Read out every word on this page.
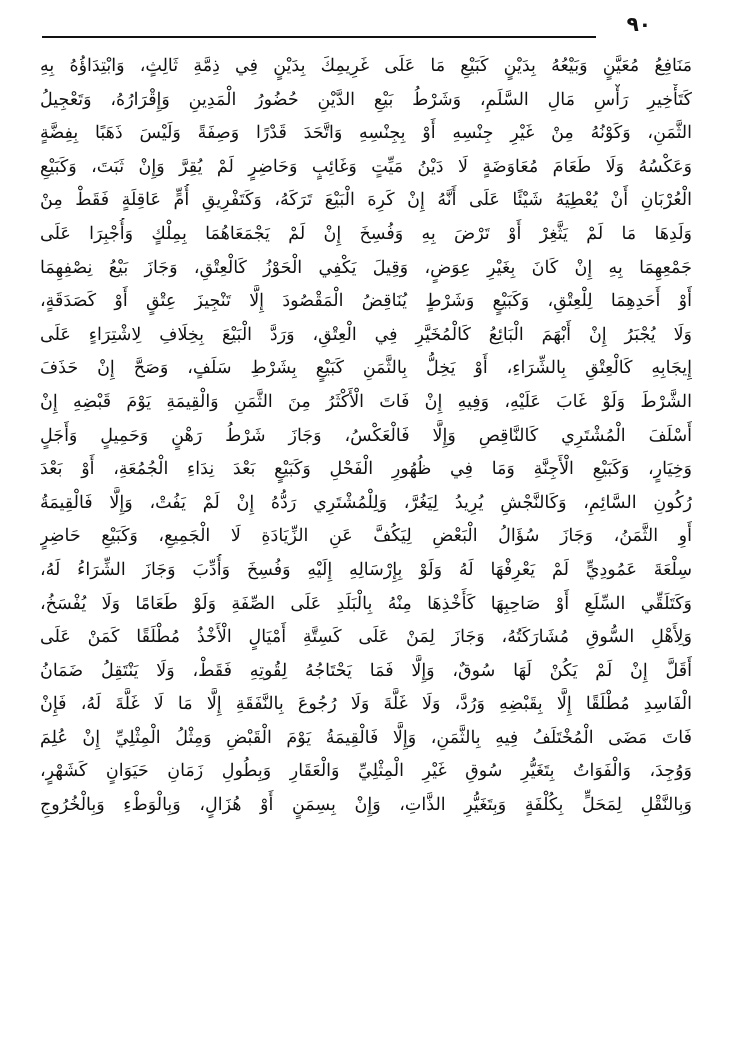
٩٠
مَنَافِعُ مُعَيَّنٍ وَبَيْعُهُ بِدَيْنٍ كَبَيْعِ مَا عَلَى غَرِيمِكَ بِدَيْنٍ فِي ذِمَّةِ ثَالِثٍ، وَابْتِدَاؤُهُ بِهِ
كَتَأْخِيرِ رَأْسِ مَالِ السَّلَمِ، وَشَرْطُ بَيْعِ الدَّيْنِ حُضُورُ الْمَدِينِ وَإِقْرَارُهُ، وَتَعْجِيلُ
الثَّمَنِ، وَكَوْنُهُ مِنْ غَيْرِ جِنْسِهِ أَوْ بِجِنْسِهِ وَاتَّحَدَ قَدْرًا وَصِفَةً وَلَيْسَ ذَهَبًا بِفِضَّةٍ
وَعَكْسُهُ وَلَا طَعَامَ مُعَاوَضَةٍ لَا دَيْنُ مَيِّتٍ وَغَائِبٍ وَحَاضِرٍ لَمْ يُقِرَّ وَإِنْ ثَبَتَ، وَكَبَيْعِ
الْعُرْبَانِ أَنْ يُعْطِيَهُ شَيْئًا عَلَى أَنَّهُ إِنْ كَرِهَ الْبَيْعَ تَرَكَهُ، وَكَتَفْرِيقِ أُمٍّ عَاقِلَةٍ فَقَطْ مِنْ
وَلَدِهَا مَا لَمْ يَثَّغِرْ أَوْ تَرْضَ بِهِ وَفُسِخَ إِنْ لَمْ يَجْمَعَاهُمَا بِمِلْكٍ وَأُجْبِرَا عَلَى
جَمْعِهِمَا بِهِ إِنْ كَانَ بِغَيْرِ عِوَضٍ، وَقِيلَ يَكْفِي الْحَوْزُ كَالْعِتْقِ، وَجَازَ بَيْعُ نِصْفِهِمَا
أَوْ أَحَدِهِمَا لِلْعِتْقِ، وَكَبَيْعٍ وَشَرْطٍ يُنَاقِضُ الْمَقْصُودَ إِلَّا تَنْجِيزَ عِتْقٍ أَوْ كَصَدَقَةٍ،
وَلَا يُجْبَرُ إِنْ أَبْهَمَ الْبَائِعُ كَالْمُخَيَّرِ فِي الْعِتْقِ، وَرَدَّ الْبَيْعَ بِخِلَافِ لِاشْتِرَاءٍ عَلَى
إِيجَابِهِ كَالْعِتْقِ بِالشِّرَاءِ، أَوْ يَخِلُّ بِالثَّمَنِ كَبَيْعٍ بِشَرْطِ سَلَفٍ، وَصَحَّ إِنْ حَذَفَ
الشَّرْطَ وَلَوْ غَابَ عَلَيْهِ، وَفِيهِ إِنْ فَاتَ الْأَكْثَرُ مِنَ الثَّمَنِ وَالْقِيمَةِ يَوْمَ قَبْضِهِ إِنْ
أَسْلَفَ الْمُشْتَرِي كَالنَّاقِصِ وَإِلَّا فَالْعَكْسُ، وَجَازَ شَرْطُ رَهْنٍ وَحَمِيلٍ وَأَجَلٍ
وَخِيَارٍ، وَكَبَيْعِ الْأَجِنَّةِ وَمَا فِي ظُهُورِ الْفَحْلِ وَكَبَيْعٍ بَعْدَ نِدَاءِ الْجُمُعَةِ، أَوْ بَعْدَ
رُكُونِ السَّائِمِ، وَكَالنَّجْشِ يُرِيدُ لِيَغُرَّ، وَلِلْمُشْتَرِي رَدُّهُ إِنْ لَمْ يَفُتْ، وَإِلَّا فَالْقِيمَةُ
أَوِ الثَّمَنُ، وَجَازَ سُؤَالُ الْبَعْضِ لِيَكُفَّ عَنِ الزِّيَادَةِ لَا الْجَمِيعِ، وَكَبَيْعِ حَاضِرٍ
سِلْعَةَ عَمُودِيٍّ لَمْ يَعْرِفْهَا لَهُ وَلَوْ بِإِرْسَالِهِ إِلَيْهِ وَفُسِخَ وَأُدِّبَ وَجَازَ الشِّرَاءُ لَهُ،
وَكَتَلَقِّي السِّلَعِ أَوْ صَاحِبِهَا كَأَخْذِهَا مِنْهُ بِالْبَلَدِ عَلَى الصِّفَةِ وَلَوْ طَعَامًا وَلَا يُفْسَخُ،
وَلِأَهْلِ السُّوقِ مُشَارَكَتُهُ، وَجَازَ لِمَنْ عَلَى كَسِتَّةِ أَمْيَالٍ الْأَخْذُ مُطْلَقًا كَمَنْ عَلَى
أَقَلَّ إِنْ لَمْ يَكُنْ لَهَا سُوقٌ، وَإِلَّا فَمَا يَحْتَاجُهُ لِقُوتِهِ فَقَطْ، وَلَا يَنْتَقِلُ ضَمَانُ
الْفَاسِدِ مُطْلَقًا إِلَّا بِقَبْضِهِ وَرُدَّ، وَلَا غَلَّةَ وَلَا رُجُوعَ بِالنَّفَقَةِ إِلَّا مَا لَا غَلَّةَ لَهُ، فَإِنْ
فَاتَ مَضَى الْمُخْتَلَفُ فِيهِ بِالثَّمَنِ، وَإِلَّا فَالْقِيمَةُ يَوْمَ الْقَبْضِ وَمِثْلُ الْمِثْلِيِّ إِنْ عُلِمَ
وَوُجِدَ، وَالْفَوَاتُ بِتَغَيُّرِ سُوقِ غَيْرِ الْمِثْلِيِّ وَالْعَقَارِ وَبِطُولِ زَمَانِ حَيَوَانٍ كَشَهْرٍ،
وَبِالنَّقْلِ لِمَحَلٍّ بِكُلْفَةٍ وَبِتَغَيُّرِ الذَّاتِ، وَإِنْ بِسِمَنٍ أَوْ هُزَالٍ، وَبِالْوَطْءِ وَبِالْخُرُوجِ
